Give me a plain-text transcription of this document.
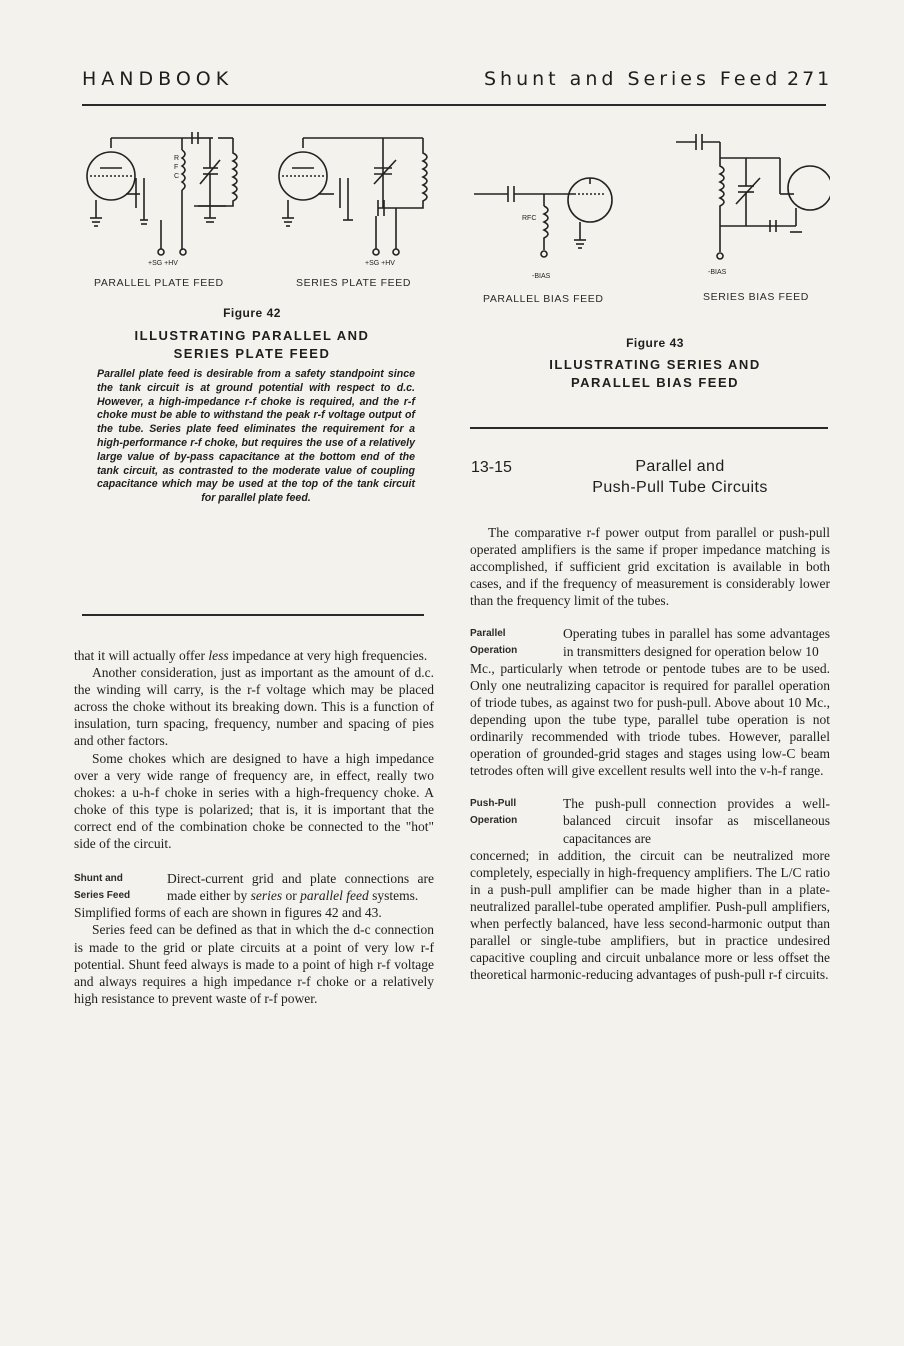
HANDBOOK	Shunt and Series Feed 271
R
F
C
+SG +HV	+SG +HV
PARALLEL PLATE FEED	SERIES PLATE FEED
Figure 42
ILLUSTRATING PARALLEL AND
SERIES PLATE FEED
Parallel plate feed is desirable from a safety standpoint since the tank circuit is at ground potential with respect to d.c. However, a high-impedance r-f choke is required, and the r-f choke must be able to withstand the peak r-f voltage output of the tube. Series plate feed eliminates the requirement for a high-performance r-f choke, but requires the use of a relatively large value of by-pass capacitance at the bottom end of the tank circuit, as contrasted to the moderate value of coupling capacitance which may be used at the top of the tank circuit for parallel plate feed.
RFC
-BIAS
-BIAS
PARALLEL BIAS FEED	SERIES BIAS FEED
Figure 43
ILLUSTRATING SERIES AND
PARALLEL BIAS FEED

that it will actually offer less impedance at very high frequencies.

Another consideration, just as important as the amount of d.c. the winding will carry, is the r-f voltage which may be placed across the choke without its breaking down. This is a function of insulation, turn spacing, frequency, number and spacing of pies and other factors.

Some chokes which are designed to have a high impedance over a very wide range of frequency are, in effect, really two chokes: a u-h-f choke in series with a high-frequency choke. A choke of this type is polarized; that is, it is important that the correct end of the combination choke be connected to the "hot" side of the circuit.

Shunt and
Series Feed
Direct-current grid and plate connections are made either by series or parallel feed systems.

Simplified forms of each are shown in figures 42 and 43.

Series feed can be defined as that in which the d-c connection is made to the grid or plate circuits at a point of very low r-f potential. Shunt feed always is made to a point of high r-f voltage and always requires a high impedance r-f choke or a relatively high resistance to prevent waste of r-f power.

13-15	Parallel and
Push-Pull Tube Circuits

The comparative r-f power output from parallel or push-pull operated amplifiers is the same if proper impedance matching is accomplished, if sufficient grid excitation is available in both cases, and if the frequency of measurement is considerably lower than the frequency limit of the tubes.

Parallel
Operation
Operating tubes in parallel has some advantages in transmitters designed for operation below 10

Mc., particularly when tetrode or pentode tubes are to be used. Only one neutralizing capacitor is required for parallel operation of triode tubes, as against two for push-pull. Above about 10 Mc., depending upon the tube type, parallel tube operation is not ordinarily recommended with triode tubes. However, parallel operation of grounded-grid stages and stages using low-C beam tetrodes often will give excellent results well into the v-h-f range.

Push-Pull
Operation
The push-pull connection provides a well-balanced circuit insofar as miscellaneous capacitances are

concerned; in addition, the circuit can be neutralized more completely, especially in high-frequency amplifiers. The L/C ratio in a push-pull amplifier can be made higher than in a plate-neutralized parallel-tube operated amplifier. Push-pull amplifiers, when perfectly balanced, have less second-harmonic output than parallel or single-tube amplifiers, but in practice undesired capacitive coupling and circuit unbalance more or less offset the theoretical harmonic-reducing advantages of push-pull r-f circuits.
